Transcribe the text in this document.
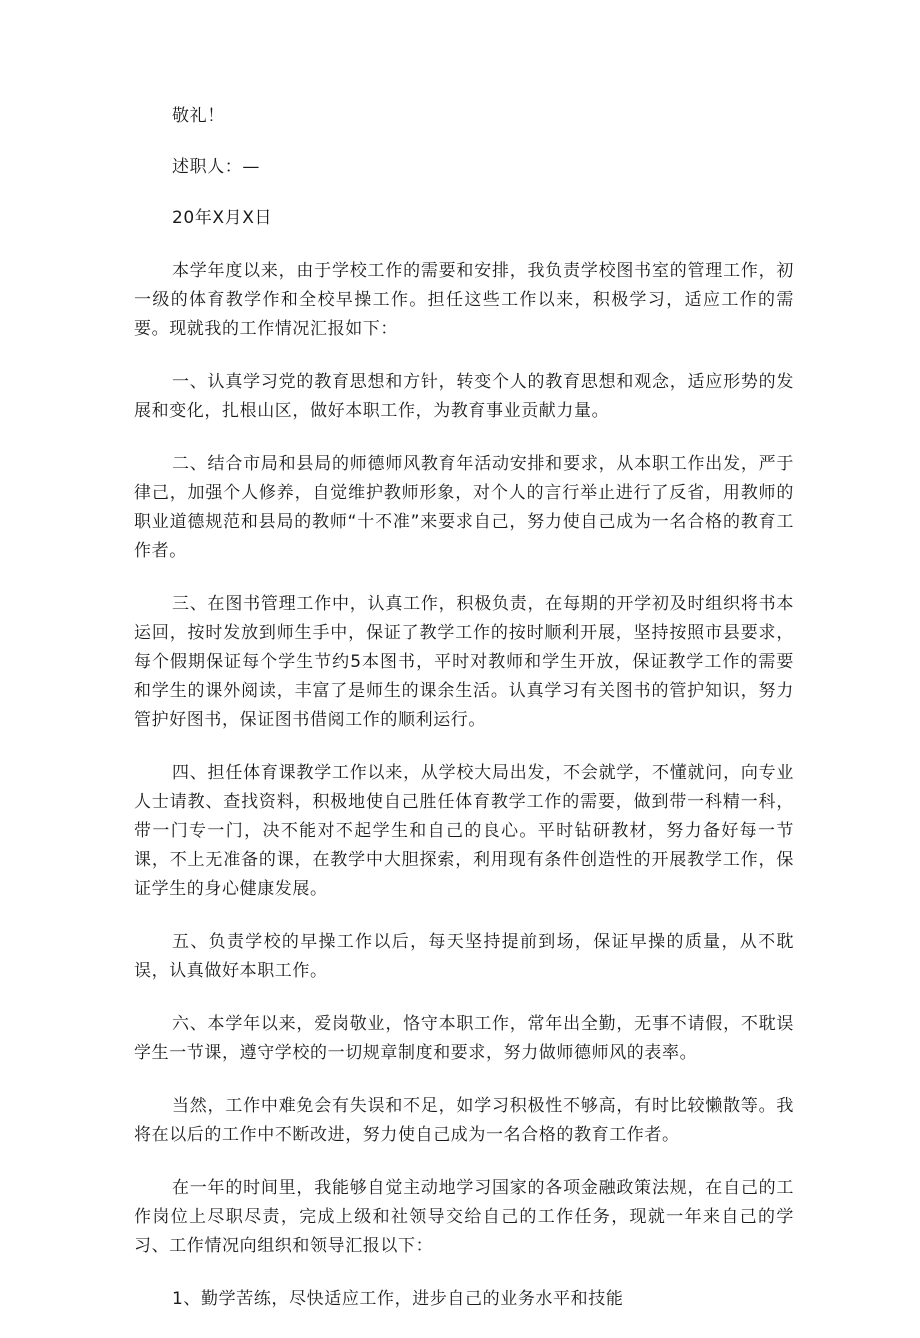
敬礼！

述职人：—

20年X月X日

本学年度以来，由于学校工作的需要和安排，我负责学校图书室的管理工作，初一级的体育教学作和全校早操工作。担任这些工作以来，积极学习，适应工作的需要。现就我的工作情况汇报如下：

一、认真学习党的教育思想和方针，转变个人的教育思想和观念，适应形势的发展和变化，扎根山区，做好本职工作，为教育事业贡献力量。

二、结合市局和县局的师德师风教育年活动安排和要求，从本职工作出发，严于律己，加强个人修养，自觉维护教师形象，对个人的言行举止进行了反省，用教师的职业道德规范和县局的教师“十不准”来要求自己，努力使自己成为一名合格的教育工作者。

三、在图书管理工作中，认真工作，积极负责，在每期的开学初及时组织将书本运回，按时发放到师生手中，保证了教学工作的按时顺利开展，坚持按照市县要求，每个假期保证每个学生节约5本图书，平时对教师和学生开放，保证教学工作的需要和学生的课外阅读，丰富了是师生的课余生活。认真学习有关图书的管护知识，努力管护好图书，保证图书借阅工作的顺利运行。

四、担任体育课教学工作以来，从学校大局出发，不会就学，不懂就问，向专业人士请教、查找资料，积极地使自己胜任体育教学工作的需要，做到带一科精一科，带一门专一门，决不能对不起学生和自己的良心。平时钻研教材，努力备好每一节课，不上无准备的课，在教学中大胆探索，利用现有条件创造性的开展教学工作，保证学生的身心健康发展。

五、负责学校的早操工作以后，每天坚持提前到场，保证早操的质量，从不耽误，认真做好本职工作。

六、本学年以来，爱岗敬业，恪守本职工作，常年出全勤，无事不请假，不耽误学生一节课，遵守学校的一切规章制度和要求，努力做师德师风的表率。

当然，工作中难免会有失误和不足，如学习积极性不够高，有时比较懒散等。我将在以后的工作中不断改进，努力使自己成为一名合格的教育工作者。

在一年的时间里，我能够自觉主动地学习国家的各项金融政策法规，在自己的工作岗位上尽职尽责，完成上级和社领导交给自己的工作任务，现就一年来自己的学习、工作情况向组织和领导汇报以下：

1、勤学苦练，尽快适应工作，进步自己的业务水平和技能
